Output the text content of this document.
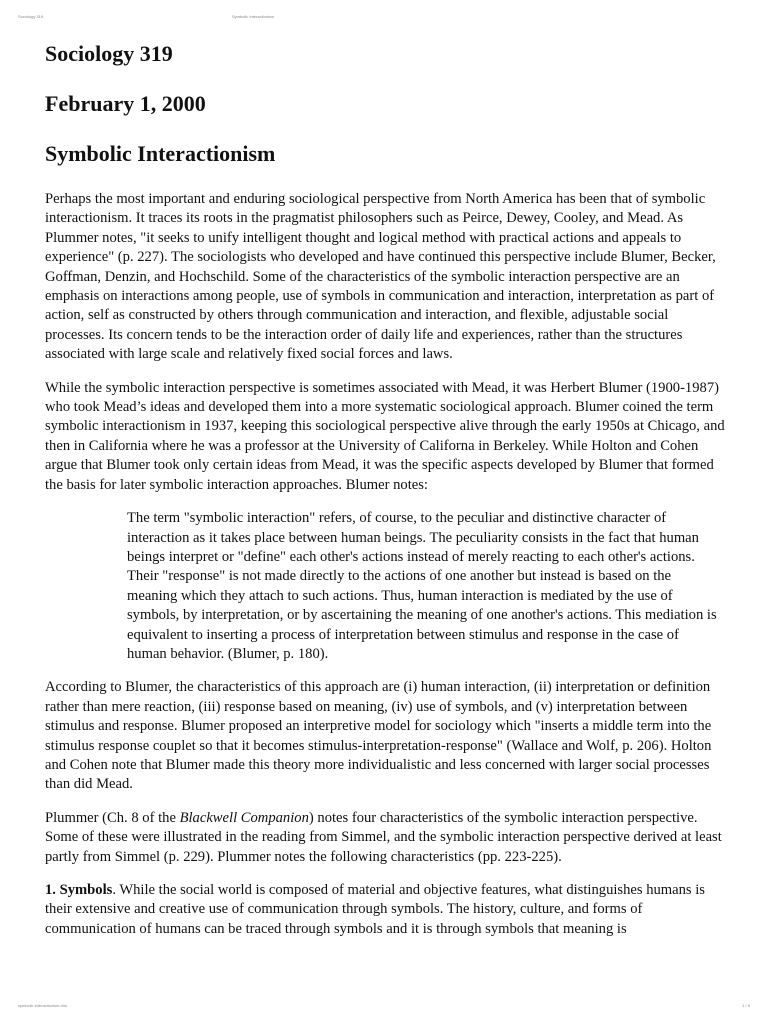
Sociology 319	Symbolic Interactionism
Sociology 319
February 1, 2000
Symbolic Interactionism

Perhaps the most important and enduring sociological perspective from North America has been that of symbolic interactionism. It traces its roots in the pragmatist philosophers such as Peirce, Dewey, Cooley, and Mead. As Plummer notes, "it seeks to unify intelligent thought and logical method with practical actions and appeals to experience" (p. 227). The sociologists who developed and have continued this perspective include Blumer, Becker, Goffman, Denzin, and Hochschild. Some of the characteristics of the symbolic interaction perspective are an emphasis on interactions among people, use of symbols in communication and interaction, interpretation as part of action, self as constructed by others through communication and interaction, and flexible, adjustable social processes. Its concern tends to be the interaction order of daily life and experiences, rather than the structures associated with large scale and relatively fixed social forces and laws.

While the symbolic interaction perspective is sometimes associated with Mead, it was Herbert Blumer (1900-1987) who took Mead’s ideas and developed them into a more systematic sociological approach. Blumer coined the term symbolic interactionism in 1937, keeping this sociological perspective alive through the early 1950s at Chicago, and then in California where he was a professor at the University of Californa in Berkeley. While Holton and Cohen argue that Blumer took only certain ideas from Mead, it was the specific aspects developed by Blumer that formed the basis for later symbolic interaction approaches. Blumer notes:

The term "symbolic interaction" refers, of course, to the peculiar and distinctive character of interaction as it takes place between human beings. The peculiarity consists in the fact that human beings interpret or "define" each other's actions instead of merely reacting to each other's actions. Their "response" is not made directly to the actions of one another but instead is based on the meaning which they attach to such actions. Thus, human interaction is mediated by the use of symbols, by interpretation, or by ascertaining the meaning of one another's actions. This mediation is equivalent to inserting a process of interpretation between stimulus and response in the case of human behavior. (Blumer, p. 180).

According to Blumer, the characteristics of this approach are (i) human interaction, (ii) interpretation or definition rather than mere reaction, (iii) response based on meaning, (iv) use of symbols, and (v) interpretation between stimulus and response. Blumer proposed an interpretive model for sociology which "inserts a middle term into the stimulus response couplet so that it becomes stimulus-interpretation-response" (Wallace and Wolf, p. 206). Holton and Cohen note that Blumer made this theory more individualistic and less concerned with larger social processes than did Mead.

Plummer (Ch. 8 of the Blackwell Companion) notes four characteristics of the symbolic interaction perspective. Some of these were illustrated in the reading from Simmel, and the symbolic interaction perspective derived at least partly from Simmel (p. 229). Plummer notes the following characteristics (pp. 223-225).

1. Symbols. While the social world is composed of material and objective features, what distinguishes humans is their extensive and creative use of communication through symbols. The history, culture, and forms of communication of humans can be traced through symbols and it is through symbols that meaning is

symbolic interactionism.htm	1 / 5
